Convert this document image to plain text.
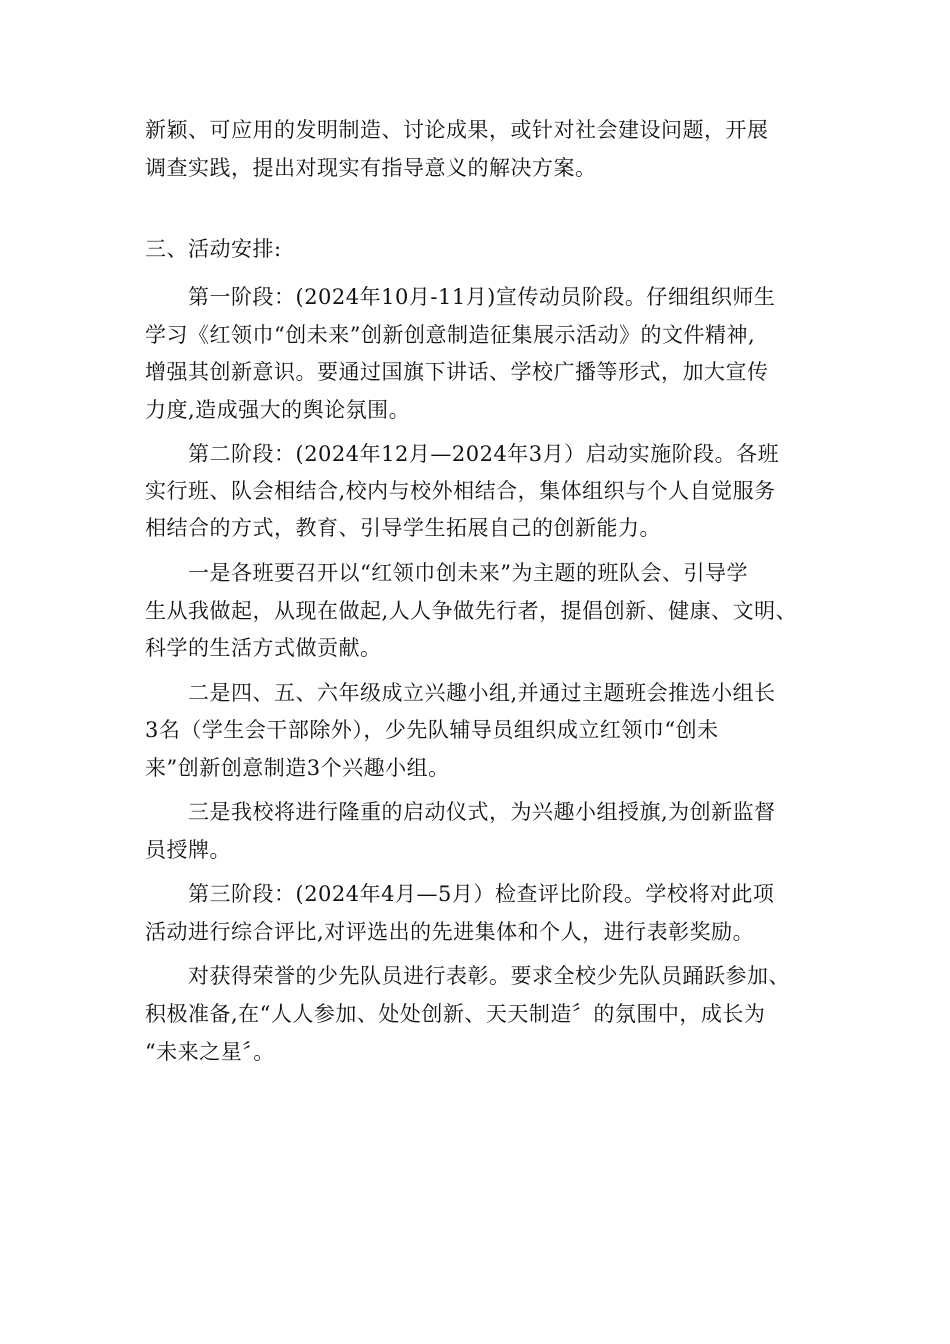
新颖、可应用的发明制造、讨论成果，或针对社会建设问题，开展
调查实践，提出对现实有指导意义的解决方案。
三、活动安排:
第一阶段：(2024年10月-11月)宣传动员阶段。仔细组织师生
学习《红领巾“创未来”创新创意制造征集展示活动》的文件精神,
增强其创新意识。要通过国旗下讲话、学校广播等形式，加大宣传
力度,造成强大的舆论氛围。
第二阶段：(2024年12月—2024年3月）启动实施阶段。各班
实行班、队会相结合,校内与校外相结合，集体组织与个人自觉服务
相结合的方式，教育、引导学生拓展自己的创新能力。
一是各班要召开以“红领巾创未来”为主题的班队会、引导学
生从我做起，从现在做起,人人争做先行者，提倡创新、健康、文明、
科学的生活方式做贡献。
二是四、五、六年级成立兴趣小组,并通过主题班会推选小组长
3名（学生会干部除外），少先队辅导员组织成立红领巾“创未
来”创新创意制造3个兴趣小组。
三是我校将进行隆重的启动仪式，为兴趣小组授旗,为创新监督
员授牌。
第三阶段：(2024年4月—5月）检查评比阶段。学校将对此项
活动进行综合评比,对评选出的先进集体和个人，进行表彰奖励。
对获得荣誉的少先队员进行表彰。要求全校少先队员踊跃参加、
积极准备,在“人人参加、处处创新、天天制造〞的氛围中，成长为
“未来之星〞。
